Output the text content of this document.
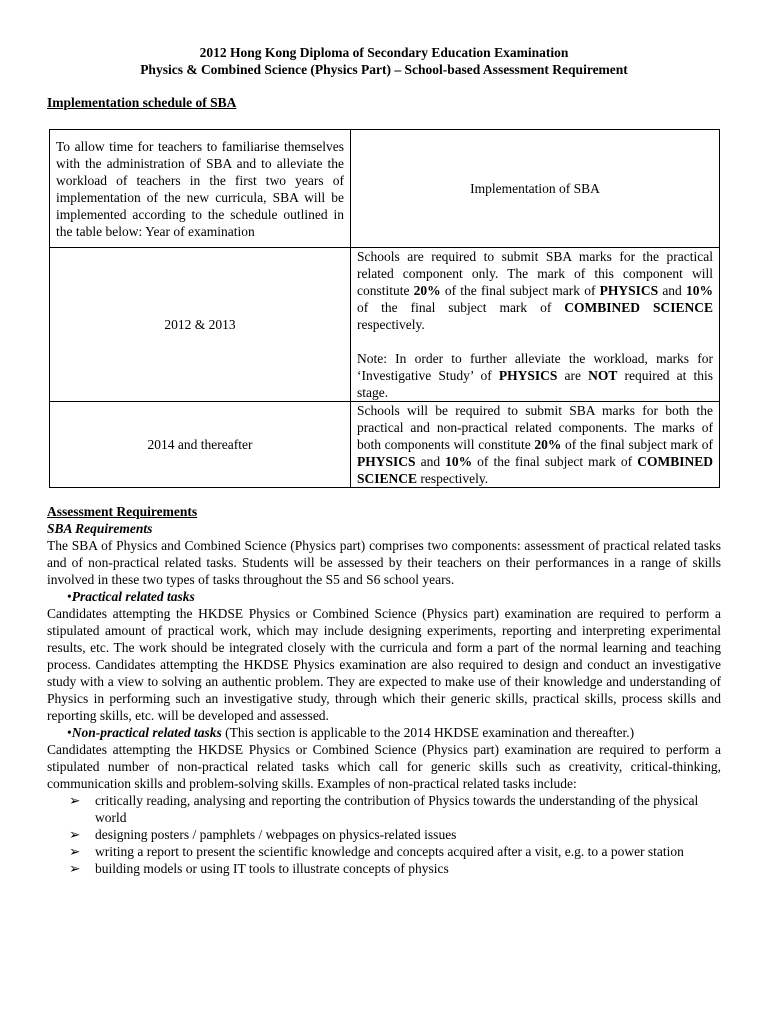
2012 Hong Kong Diploma of Secondary Education Examination
Physics & Combined Science (Physics Part) – School-based Assessment Requirement
Implementation schedule of SBA
To allow time for teachers to familiarise themselves with the administration of SBA and to alleviate the workload of teachers in the first two years of implementation of the new curricula, SBA will be implemented according to the schedule outlined in the table below: Year of examination	Implementation of SBA
2012 & 2013	Schools are required to submit SBA marks for the practical related component only. The mark of this component will constitute 20% of the final subject mark of PHYSICS and 10% of the final subject mark of COMBINED SCIENCE respectively.
Note: In order to further alleviate the workload, marks for ‘Investigative Study’ of PHYSICS are NOT required at this stage.

2014 and thereafter	Schools will be required to submit SBA marks for both the practical and non-practical related components. The marks of both components will constitute 20% of the final subject mark of PHYSICS and 10% of the final subject mark of COMBINED SCIENCE respectively.
Assessment Requirements
SBA Requirements

The SBA of Physics and Combined Science (Physics part) comprises two components: assessment of practical related tasks and of non-practical related tasks. Students will be assessed by their teachers on their performances in a range of skills involved in these two types of tasks throughout the S5 and S6 school years.

•Practical related tasks

Candidates attempting the HKDSE Physics or Combined Science (Physics part) examination are required to perform a stipulated amount of practical work, which may include designing experiments, reporting and interpreting experimental results, etc. The work should be integrated closely with the curricula and form a part of the normal learning and teaching process. Candidates attempting the HKDSE Physics examination are also required to design and conduct an investigative study with a view to solving an authentic problem. They are expected to make use of their knowledge and understanding of Physics in performing such an investigative study, through which their generic skills, practical skills, process skills and reporting skills, etc. will be developed and assessed.

•Non-practical related tasks (This section is applicable to the 2014 HKDSE examination and thereafter.)

Candidates attempting the HKDSE Physics or Combined Science (Physics part) examination are required to perform a stipulated number of non-practical related tasks which call for generic skills such as creativity, critical-thinking, communication skills and problem-solving skills. Examples of non-practical related tasks include:

➢ critically reading, analysing and reporting the contribution of Physics towards the understanding of the physical world
➢ designing posters / pamphlets / webpages on physics-related issues
➢ writing a report to present the scientific knowledge and concepts acquired after a visit, e.g. to a power station
➢ building models or using IT tools to illustrate concepts of physics
